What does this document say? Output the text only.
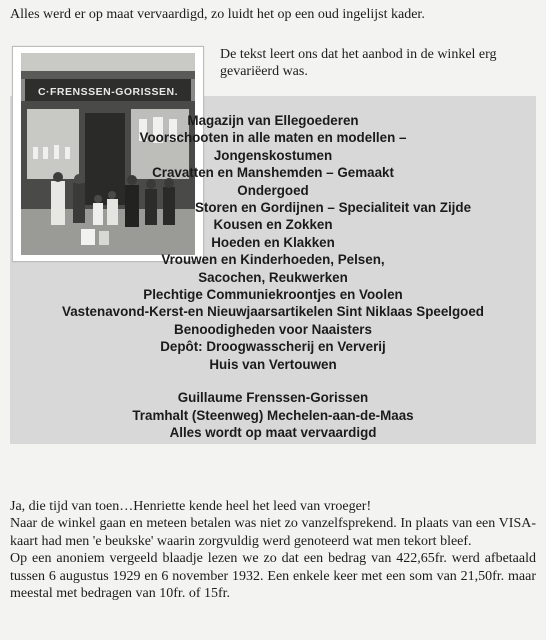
Alles werd er op maat vervaardigd, zo luidt het op een oud ingelijst kader.
C·FRENSSEN-GORISSEN.
De tekst leert ons dat het aanbod in de winkel erg gevariëerd was.
Magazijn van Ellegoederen
Voorschooten in alle maten en modellen –
Jongenskostumen
Cravatten en Manshemden – Gemaakt
Ondergoed
Storen en Gordijnen – Specialiteit van Zijde
Kousen en Zokken
Hoeden en Klakken
Vrouwen en Kinderhoeden, Pelsen,
Sacochen, Reukwerken
Plechtige Communiekroontjes en Voolen
Vastenavond-Kerst-en Nieuwjaarsartikelen Sint Niklaas Speelgoed
Benoodigheden voor Naaisters
Depôt: Droogwasscherij en Ververij
Huis van Vertouwen
Guillaume Frenssen-Gorissen
Tramhalt (Steenweg) Mechelen-aan-de-Maas
Alles wordt op maat vervaardigd

Ja, die tijd van toen…Henriette kende heel het leed van vroeger!

Naar de winkel gaan en meteen betalen was niet zo vanzelfsprekend. In plaats van een VISA-kaart had men 'e beukske' waarin zorgvuldig werd genoteerd wat men tekort bleef.

Op een anoniem vergeeld blaadje lezen we zo dat een bedrag van 422,65fr. werd afbetaald tussen 6 augustus 1929 en 6 november 1932. Een enkele keer met een som van 21,50fr. maar meestal met bedragen van 10fr. of 15fr.
